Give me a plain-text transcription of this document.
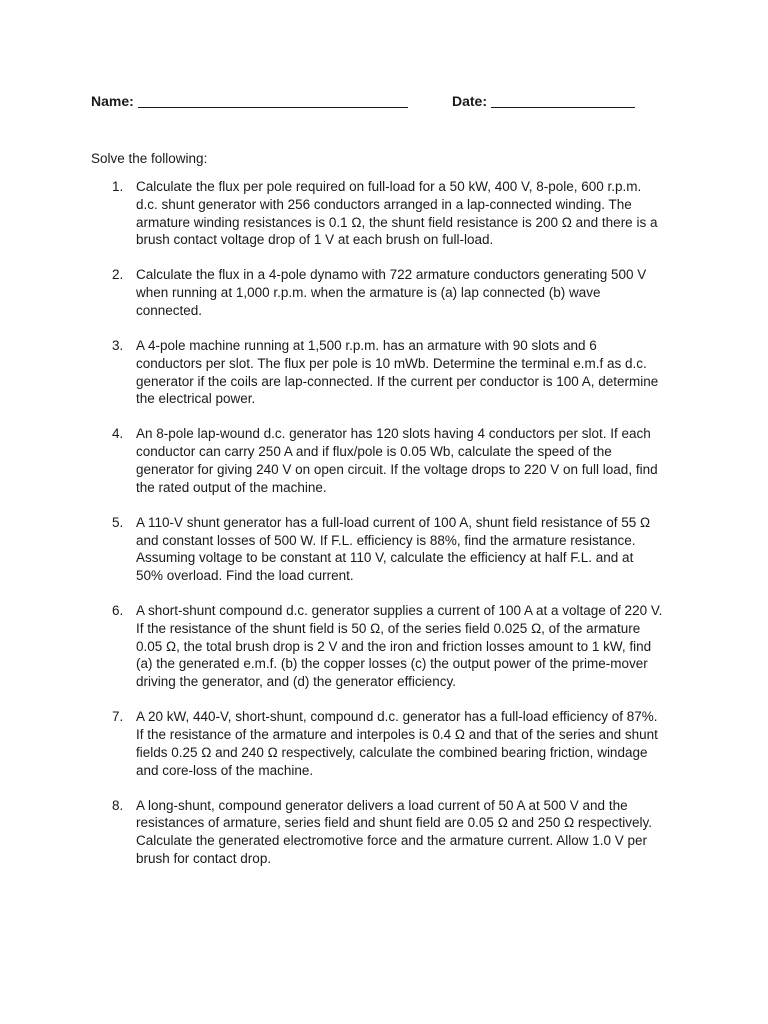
Name:	Date:
Solve the following:
1. Calculate the flux per pole required on full-load for a 50 kW, 400 V, 8-pole, 600 r.p.m.
d.c. shunt generator with 256 conductors arranged in a lap-connected winding. The
armature winding resistances is 0.1 Ω, the shunt field resistance is 200 Ω and there is a
brush contact voltage drop of 1 V at each brush on full-load.
2. Calculate the flux in a 4-pole dynamo with 722 armature conductors generating 500 V
when running at 1,000 r.p.m. when the armature is (a) lap connected (b) wave
connected.
3. A 4-pole machine running at 1,500 r.p.m. has an armature with 90 slots and 6
conductors per slot. The flux per pole is 10 mWb. Determine the terminal e.m.f as d.c.
generator if the coils are lap-connected. If the current per conductor is 100 A, determine
the electrical power.
4. An 8-pole lap-wound d.c. generator has 120 slots having 4 conductors per slot. If each
conductor can carry 250 A and if flux/pole is 0.05 Wb, calculate the speed of the
generator for giving 240 V on open circuit. If the voltage drops to 220 V on full load, find
the rated output of the machine.
5. A 110-V shunt generator has a full-load current of 100 A, shunt field resistance of 55 Ω
and constant losses of 500 W. If F.L. efficiency is 88%, find the armature resistance.
Assuming voltage to be constant at 110 V, calculate the efficiency at half F.L. and at
50% overload. Find the load current.
6. A short-shunt compound d.c. generator supplies a current of 100 A at a voltage of 220 V.
If the resistance of the shunt field is 50 Ω, of the series field 0.025 Ω, of the armature
0.05 Ω, the total brush drop is 2 V and the iron and friction losses amount to 1 kW, find
(a) the generated e.m.f. (b) the copper losses (c) the output power of the prime-mover
driving the generator, and (d) the generator efficiency.
7. A 20 kW, 440-V, short-shunt, compound d.c. generator has a full-load efficiency of 87%.
If the resistance of the armature and interpoles is 0.4 Ω and that of the series and shunt
fields 0.25 Ω and 240 Ω respectively, calculate the combined bearing friction, windage
and core-loss of the machine.
8. A long-shunt, compound generator delivers a load current of 50 A at 500 V and the
resistances of armature, series field and shunt field are 0.05 Ω and 250 Ω respectively.
Calculate the generated electromotive force and the armature current. Allow 1.0 V per
brush for contact drop.
